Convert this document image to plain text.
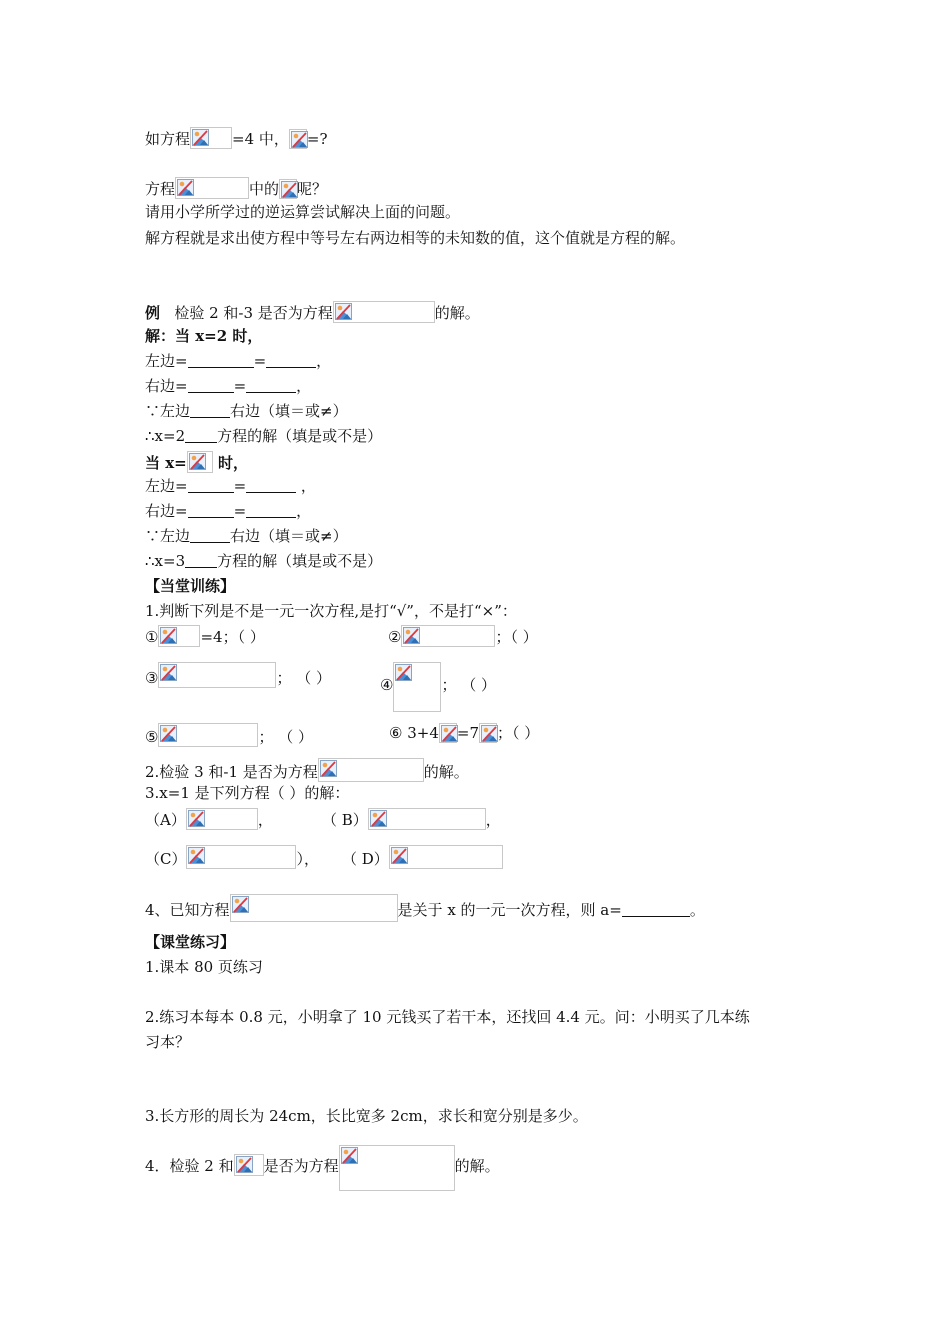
如方程	=4 中， =?
方程	中的 呢？
请用小学所学过的逆运算尝试解决上面的问题。
解方程就是求出使方程中等号左右两边相等的未知数的值，这个值就是方程的解。
例 检验 2 和-3 是否为方程	的解。
解：当 x=2 时，
左边=	=	，
右边=	=	，
∵左边	右边（填＝或≠）
∴x=2 方程的解（填是或不是）
当 x=
时，
左边=	=	，
右边=	=	，
∵左边	右边（填＝或≠）
∴x=3 方程的解（填是或不是）
【当堂训练】
1.判断下列是不是一元一次方程,是打“√”，不是打“×”：
①	=4；（ ）	②	；（ ）
③	； （ ）	④	； （ ）
⑤	； （ ）	⑥ 3+4 =7 ；（ ）
2.检验 3 和-1 是否为方程	的解。
3.x=1 是下列方程（ ）的解：
（A）	，	（ B）	，
（C）	）， （ D）
4、已知方程	是关于 x 的一元一次方程，则 a=	。
【课堂练习】
1.课本 80 页练习
2.练习本每本 0.8 元，小明拿了 10 元钱买了若干本，还找回 4.4 元。问：小明买了几本练
习本？
3.长方形的周长为 24cm，长比宽多 2cm，求长和宽分别是多少。
4．检验 2 和 是否为方程	的解。
